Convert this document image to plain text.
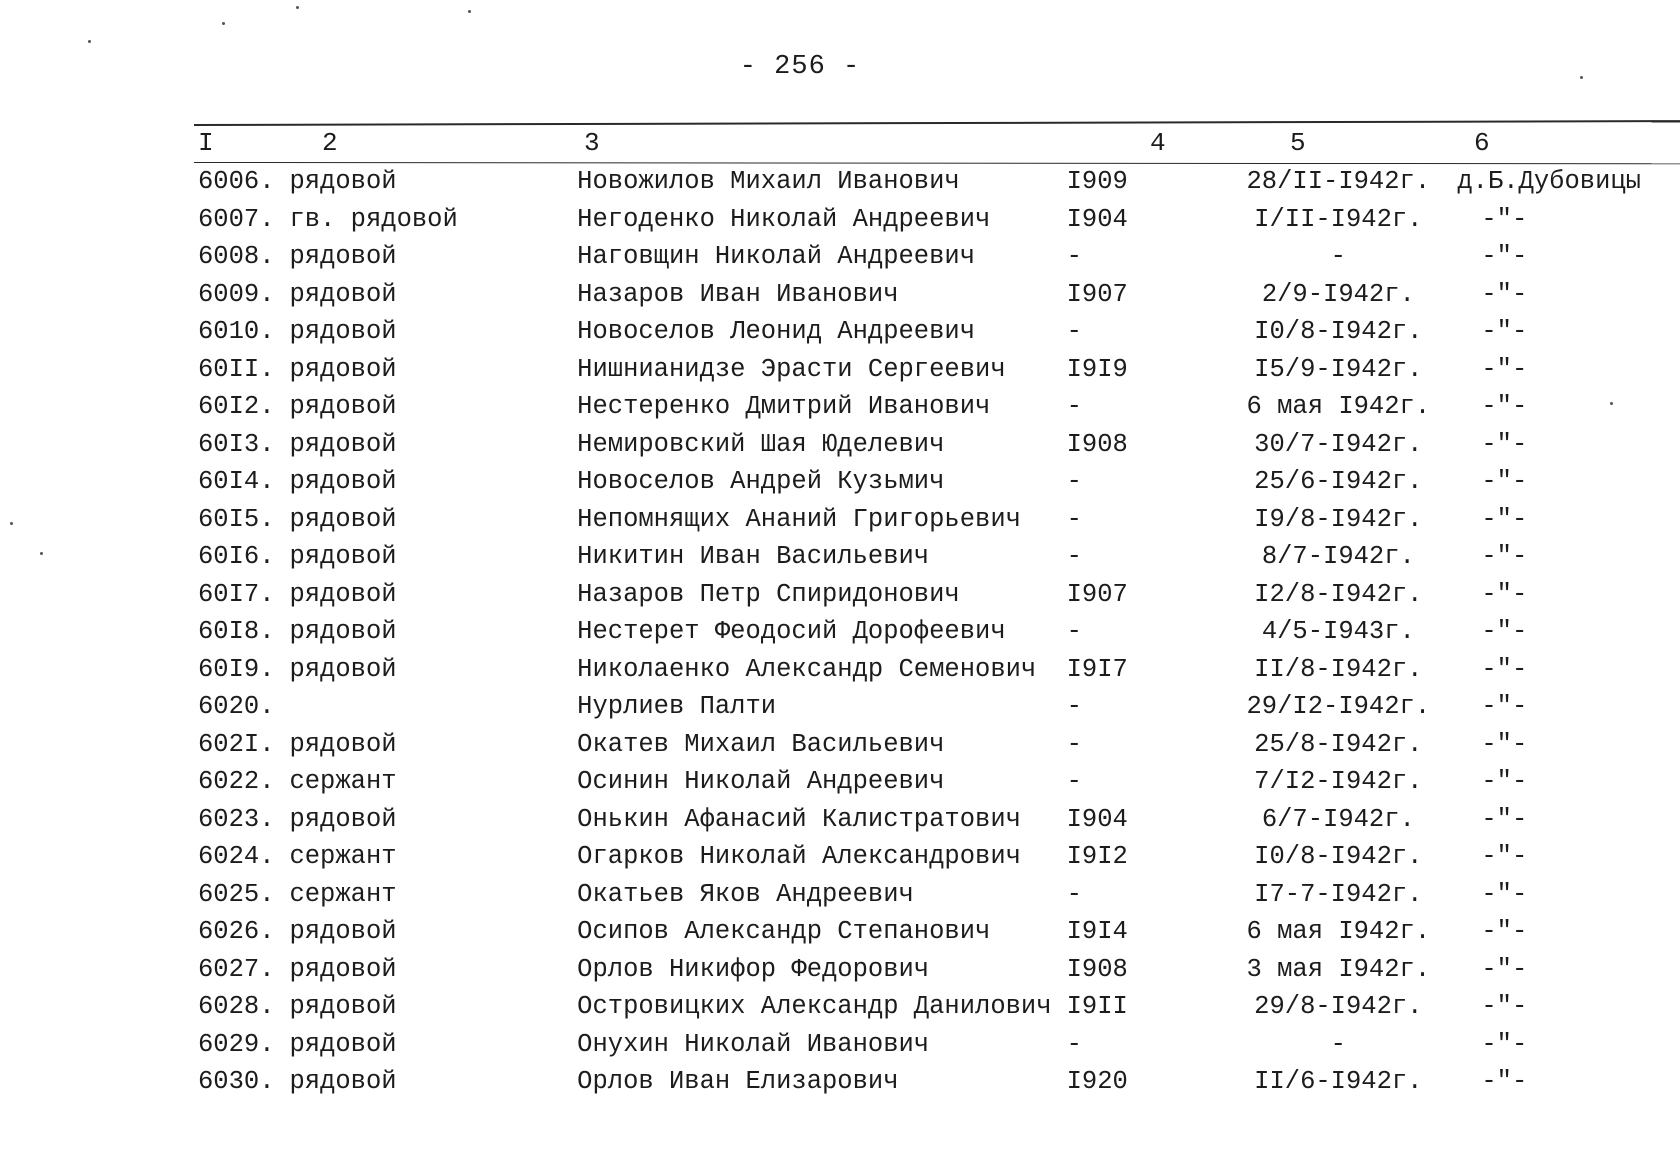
- 256 -
I	2	3	4	5	6
6006.	рядовой	Новожилов Михаил Иванович	I909	28/II-I942г.	д.Б.Дубовицы
6007.	гв. рядовой	Негоденко Николай Андреевич	I904	I/II-I942г.	-"-
6008.	рядовой	Наговщин Николай Андреевич	-	-	-"-
6009.	рядовой	Назаров Иван Иванович	I907	2/9-I942г.	-"-
6010.	рядовой	Новоселов Леонид Андреевич	-	I0/8-I942г.	-"-
60II.	рядовой	Нишнианидзе Эрасти Сергеевич	I9I9	I5/9-I942г.	-"-
60I2.	рядовой	Нестеренко Дмитрий Иванович	-	6 мая I942г.	-"-
60I3.	рядовой	Немировский Шая Юделевич	I908	30/7-I942г.	-"-
60I4.	рядовой	Новоселов Андрей Кузьмич	-	25/6-I942г.	-"-
60I5.	рядовой	Непомнящих Ананий Григорьевич	-	I9/8-I942г.	-"-
60I6.	рядовой	Никитин Иван Васильевич	-	8/7-I942г.	-"-
60I7.	рядовой	Назаров Петр Спиридонович	I907	I2/8-I942г.	-"-
60I8.	рядовой	Нестерет Феодосий Дорофеевич	-	4/5-I943г.	-"-
60I9.	рядовой	Николаенко Александр Семенович	I9I7	II/8-I942г.	-"-
6020.		Нурлиев Палти	-	29/I2-I942г.	-"-
602I.	рядовой	Окатев Михаил Васильевич	-	25/8-I942г.	-"-
6022.	сержант	Осинин Николай Андреевич	-	7/I2-I942г.	-"-
6023.	рядовой	Онькин Афанасий Калистратович	I904	6/7-I942г.	-"-
6024.	сержант	Огарков Николай Александрович	I9I2	I0/8-I942г.	-"-
6025.	сержант	Окатьев Яков Андреевич	-	I7-7-I942г.	-"-
6026.	рядовой	Осипов Александр Степанович	I9I4	6 мая I942г.	-"-
6027.	рядовой	Орлов Никифор Федорович	I908	3 мая I942г.	-"-
6028.	рядовой	Островицких Александр Данилович	I9II	29/8-I942г.	-"-
6029.	рядовой	Онухин Николай Иванович	-	-	-"-
6030.	рядовой	Орлов Иван Елизарович	I920	II/6-I942г.	-"-
